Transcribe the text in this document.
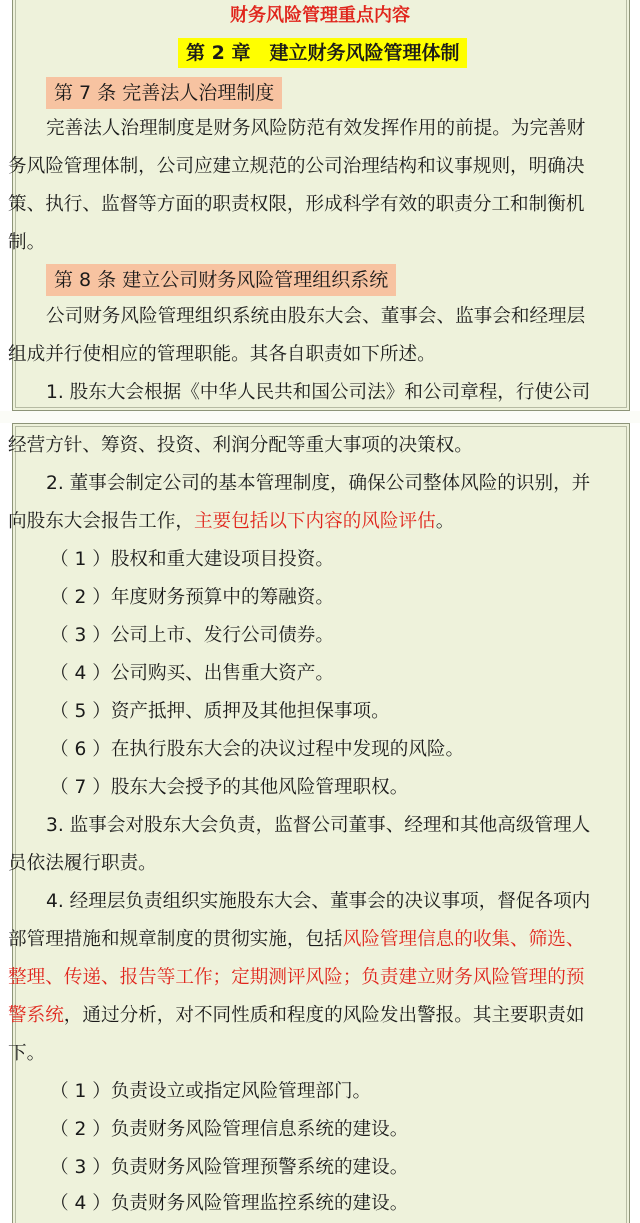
财务风险管理重点内容
第 2 章　建立财务风险管理体制
第 7 条 完善法人治理制度
完善法人治理制度是财务风险防范有效发挥作用的前提。为完善财
务风险管理体制，公司应建立规范的公司治理结构和议事规则，明确决
策、执行、监督等方面的职责权限，形成科学有效的职责分工和制衡机
制。
第 8 条 建立公司财务风险管理组织系统
公司财务风险管理组织系统由股东大会、董事会、监事会和经理层
组成并行使相应的管理职能。其各自职责如下所述。
1. 股东大会根据《中华人民共和国公司法》和公司章程，行使公司
经营方针、筹资、投资、利润分配等重大事项的决策权。
2. 董事会制定公司的基本管理制度，确保公司整体风险的识别，并
向股东大会报告工作，主要包括以下内容的风险评估。
（ 1 ）股权和重大建设项目投资。
（ 2 ）年度财务预算中的筹融资。
（ 3 ）公司上市、发行公司债券。
（ 4 ）公司购买、出售重大资产。
（ 5 ）资产抵押、质押及其他担保事项。
（ 6 ）在执行股东大会的决议过程中发现的风险。
（ 7 ）股东大会授予的其他风险管理职权。
3. 监事会对股东大会负责，监督公司董事、经理和其他高级管理人
员依法履行职责。
4. 经理层负责组织实施股东大会、董事会的决议事项，督促各项内
部管理措施和规章制度的贯彻实施，包括风险管理信息的收集、筛选、
整理、传递、报告等工作；定期测评风险；负责建立财务风险管理的预
警系统，通过分析，对不同性质和程度的风险发出警报。其主要职责如
下。
（ 1 ）负责设立或指定风险管理部门。
（ 2 ）负责财务风险管理信息系统的建设。
（ 3 ）负责财务风险管理预警系统的建设。
（ 4 ）负责财务风险管理监控系统的建设。
